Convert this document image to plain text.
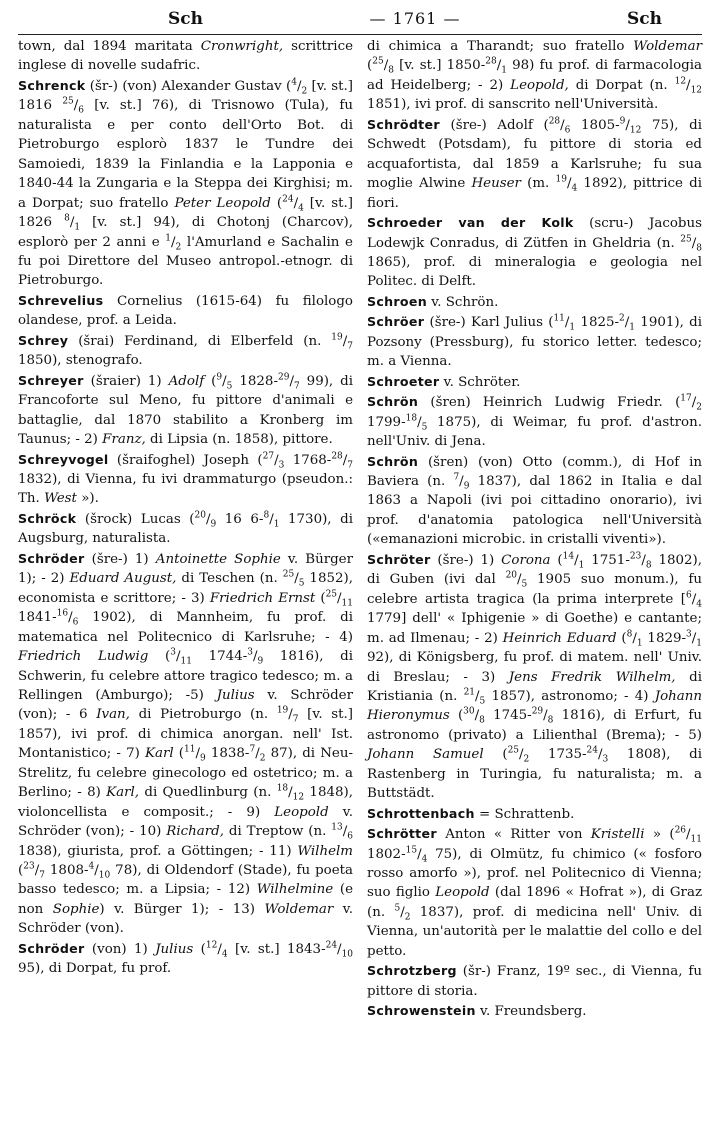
Sch	— 1761 —	Sch

town, dal 1894 maritata Cronwright, scrittrice inglese di novelle sudafric.

Schrenck (šr-) (von) Alexander Gustav ($^4/_2$ [v. st.] 1816 $^{25}/_6$ [v. st.] 76), di Trisnowo (Tula), fu naturalista e per conto dell'Orto Bot. di Pietroburgo esplorò 1837 le Tundre dei Samoiedi, 1839 la Finlandia e la Lapponia e 1840-44 la Zungaria e la Steppa dei Kirghisi; m. a Dorpat; suo fratello Peter Leopold ($^{24}/_4$ [v. st.] 1826 $^8/_1$ [v. st.] 94), di Chotonj (Charcov), esplorò per 2 anni e $^1/_2$ l'Amurland e Sachalin e fu poi Direttore del Museo antropol.-etnogr. di Pietroburgo.

Schrevelius Cornelius (1615-64) fu filologo olandese, prof. a Leida.

Schrey (šrai) Ferdinand, di Elberfeld (n. $^{19}/_7$ 1850), stenografo.

Schreyer (šraier) 1) Adolf ($^9/_5$ $1828-^{29}/_7$ 99), di Francoforte sul Meno, fu pittore d'animali e battaglie, dal 1870 stabilito a Kronberg im Taunus; - 2) Franz, di Lipsia (n. 1858), pittore.

Schreyvogel (šraifoghel) Joseph ($^{27}/_3$ $1768-^{28}/_7$ 1832), di Vienna, fu ivi drammaturgo (pseudon.: Th. West »).

Schröck (šrock) Lucas ($^{20}/_9$ 16 $6-^8/_1$ 1730), di Augsburg, naturalista.

Schröder (šre-) 1) Antoinette Sophie v. Bürger 1); - 2) Eduard August, di Teschen (n. $^{25}/_5$ 1852), economista e scrittore; - 3) Friedrich Ernst ($^{25}/_{11}$ $1841-^{16}/_6$ 1902), di Mannheim, fu prof. di matematica nel Politecnico di Karlsruhe; - 4) Friedrich Ludwig ($^3/_{11}$ $1744-^3/_9$ 1816), di Schwerin, fu celebre attore tragico tedesco; m. a Rellingen (Amburgo); -5) Julius v. Schröder (von); - 6 Ivan, di Pietroburgo (n. $^{19}/_7$ [v. st.] 1857), ivi prof. di chimica anorgan. nell' Ist. Montanistico; - 7) Karl ($^{11}/_9$ $1838-^7/_2$ 87), di Neu-Strelitz, fu celebre ginecologo ed ostetrico; m. a Berlino; - 8) Karl, di Quedlinburg (n. $^{18}/_{12}$ 1848), violoncellista e composit.; - 9) Leopold v. Schröder (von); - 10) Richard, di Treptow (n. $^{13}/_6$ 1838), giurista, prof. a Göttingen; - 11) Wilhelm ($^{23}/_7$ $1808-^4/_{10}$ 78), di Oldendorf (Stade), fu poeta basso tedesco; m. a Lipsia; - 12) Wilhelmine (e non Sophie) v. Bürger 1); - 13) Woldemar v. Schröder (von).

Schröder (von) 1) Julius ($^{12}/_4$ [v. st.] $1843-^{24}/_{10}$ 95), di Dorpat, fu prof.

di chimica a Tharandt; suo fratello Woldemar ($^{25}/_8$ [v. st.] $1850-^{28}/_1$ 98) fu prof. di farmacologia ad Heidelberg; - 2) Leopold, di Dorpat (n. $^{12}/_{12}$ 1851), ivi prof. di sanscrito nell'Università.

Schrödter (šre-) Adolf ($^{28}/_6$ $1805-^9/_{12}$ 75), di Schwedt (Potsdam), fu pittore di storia ed acquafortista, dal 1859 a Karlsruhe; fu sua moglie Alwine Heuser (m. $^{19}/_4$ 1892), pittrice di fiori.

Schroeder van der Kolk (scru-) Jacobus Lodewjk Conradus, di Zütfen in Gheldria (n. $^{25}/_8$ 1865), prof. di mineralogia e geologia nel Politec. di Delft.

Schroen v. Schrön.

Schröer (šre-) Karl Julius ($^{11}/_1$ $1825-^2/_1$ 1901), di Pozsony (Pressburg), fu storico letter. tedesco; m. a Vienna.

Schroeter v. Schröter.

Schrön (šren) Heinrich Ludwig Friedr. ($^{17}/_2$ $1799-^{18}/_5$ 1875), di Weimar, fu prof. d'astron. nell'Univ. di Jena.

Schrön (šren) (von) Otto (comm.), di Hof in Baviera (n. $^7/_9$ 1837), dal 1862 in Italia e dal 1863 a Napoli (ivi poi cittadino onorario), ivi prof. d'anatomia patologica nell'Università («emanazioni microbic. in cristalli viventi»).

Schröter (šre-) 1) Corona ($^{14}/_1$ $1751-^{23}/_8$ 1802), di Guben (ivi dal $^{20}/_5$ 1905 suo monum.), fu celebre artista tragica (la prima interprete [$^6/_4$ 1779] dell' « Iphigenie » di Goethe) e cantante; m. ad Ilmenau; - 2) Heinrich Eduard ($^8/_1$ $1829-^3/_1$ 92), di Königsberg, fu prof. di matem. nell' Univ. di Breslau; - 3) Jens Fredrik Wilhelm, di Kristiania (n. $^{21}/_5$ 1857), astronomo; - 4) Johann Hieronymus ($^{30}/_8$ $1745-^{29}/_8$ 1816), di Erfurt, fu astronomo (privato) a Lilienthal (Brema); - 5) Johann Samuel ($^{25}/_2$ $1735-^{24}/_3$ 1808), di Rastenberg in Turingia, fu naturalista; m. a Buttstädt.

Schrottenbach = Schrattenb.

Schrötter Anton « Ritter von Kristelli » ($^{26}/_{11}$ $1802-^{15}/_4$ 75), di Olmütz, fu chimico (« fosforo rosso amorfo »), prof. nel Politecnico di Vienna; suo figlio Leopold (dal 1896 « Hofrat »), di Graz (n. $^5/_2$ 1837), prof. di medicina nell' Univ. di Vienna, un'autorità per le malattie del collo e del petto.

Schrotzberg (šr-) Franz, 19º sec., di Vienna, fu pittore di storia.

Schrowenstein v. Freundsberg.
